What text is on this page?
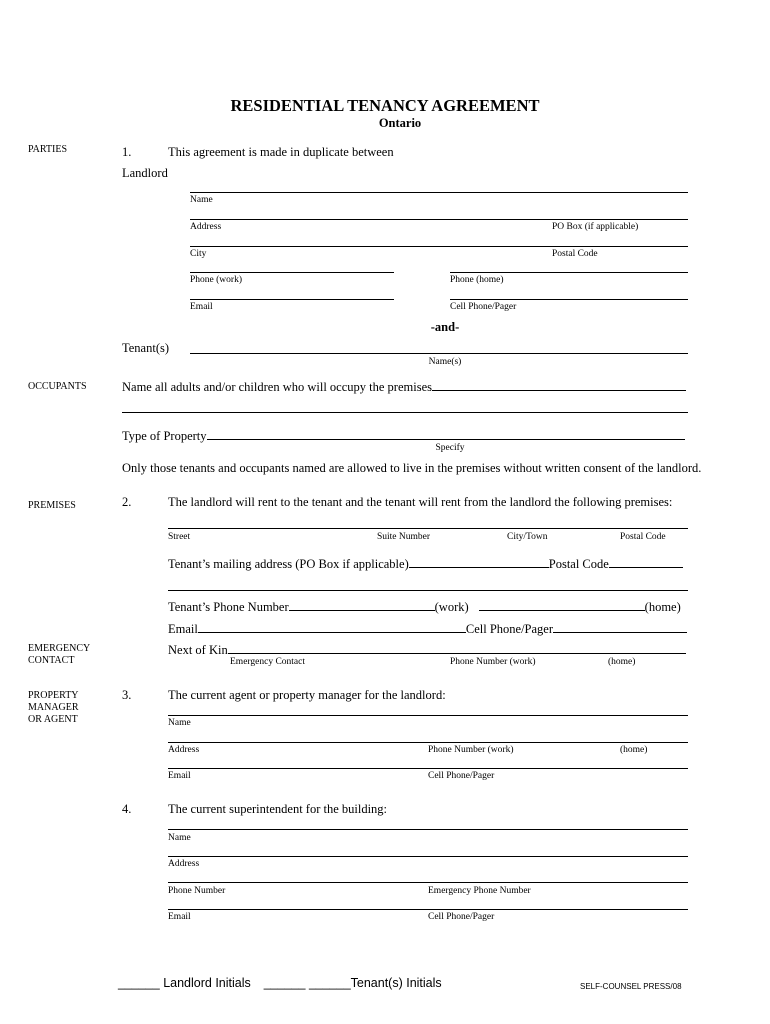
RESIDENTIAL TENANCY AGREEMENT
Ontario
PARTIES
OCCUPANTS
PREMISES
EMERGENCY
CONTACT
PROPERTY
MANAGER
OR AGENT
1.	This agreement is made in duplicate between
Landlord
Name
Address	PO Box (if applicable)
City	Postal Code
Phone (work)	Phone (home)
Email	Cell Phone/Pager
-and-
Tenant(s)
Name(s)
Name all adults and/or children who will occupy the premises
Type of Property
Specify
Only those tenants and occupants named are allowed to live in the premises without written consent of the landlord.
2.	The landlord will rent to the tenant and the tenant will rent from the landlord the following premises:
Street	Suite Number	City/Town	Postal Code
Tenant’s mailing address (PO Box if applicable)	Postal Code
Tenant’s Phone Number	(work)	(home)
Email	Cell Phone/Pager
Next of Kin
Emergency Contact	Phone Number (work)	(home)
3.	The current agent or property manager for the landlord:
Name
Address	Phone Number (work)	(home)
Email	Cell Phone/Pager
4.	The current superintendent for the building:
Name
Address
Phone Number	Emergency Phone Number
Email	Cell Phone/Pager
______ Landlord Initials ______ ______Tenant(s) Initials	SELF-COUNSEL PRESS/08
